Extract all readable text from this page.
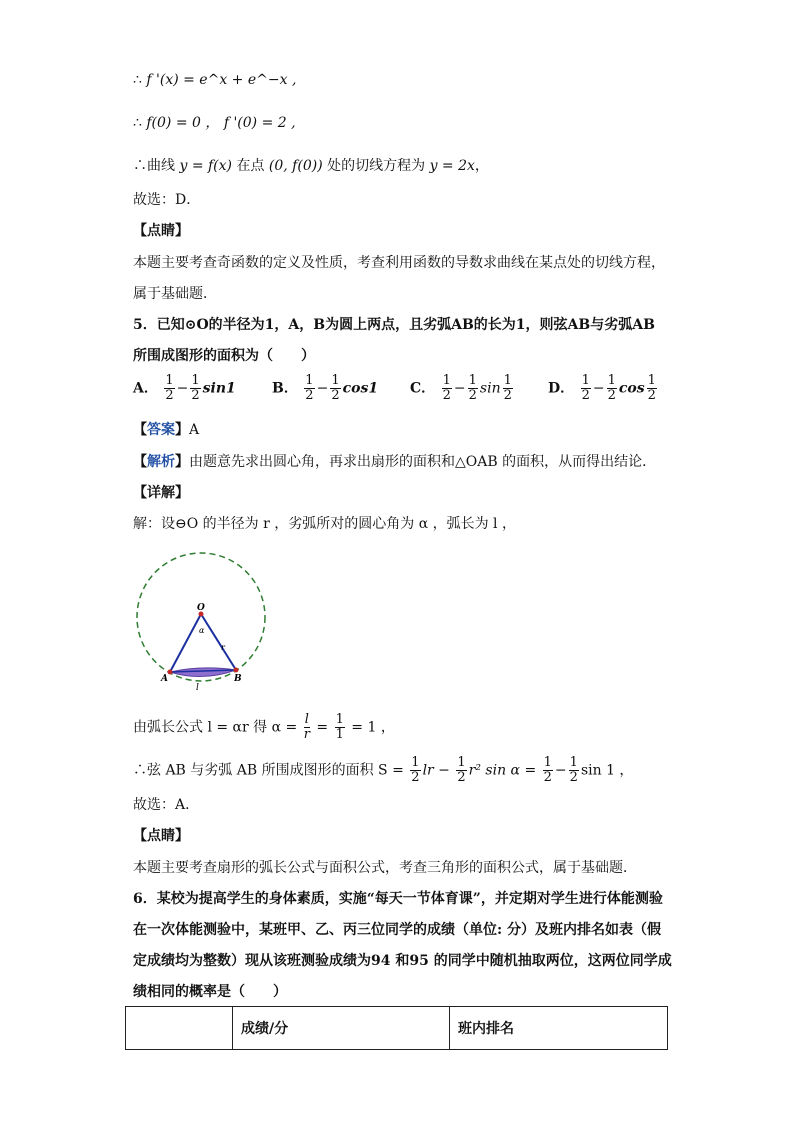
∴ f '(x) = e^x + e^−x ,
∴ f(0) = 0 ， f '(0) = 2 ,
∴曲线 y = f(x) 在点 (0, f(0)) 处的切线方程为 y = 2x，
故选：D．
【点睛】
本题主要考查奇函数的定义及性质，考查利用函数的导数求曲线在某点处的切线方程，
属于基础题．
5．已知⊙O的半径为1，A，B为圆上两点，且劣弧AB的长为1，则弦AB与劣弧AB
所围成图形的面积为（　　）
A． $\frac{1}{2} - \frac{1}{2} \sin 1$	B． $\frac{1}{2} - \frac{1}{2} \cos 1$ C． $\frac{1}{2} - \frac{1}{2}$ $\sin \frac{1}{2}$	D． $\frac{1}{2} - \frac{1}{2}$ $\cos \frac{1}{2}$
【答案】A
【解析】由题意先求出圆心角，再求出扇形的面积和△OAB 的面积，从而得出结论．
【详解】
解：设⊖O 的半径为 r ，劣弧所对的圆心角为 α ，弧长为 l ，
O
α
r
A	B
l
由弧长公式 l = αr 得 $\alpha = \frac{l}{r} = \frac{1}{1} = 1$ ，
∴弦 AB 与劣弧 AB 所围成图形的面积 $S = \frac{1}{2}$ lr − $\frac{1}{2} r^2$ $\sin \alpha = \frac{1}{2} - \frac{1}{2}$ sin 1 ，
故选：A．
【点睛】
本题主要考查扇形的弧长公式与面积公式，考查三角形的面积公式，属于基础题．
6．某校为提高学生的身体素质，实施“每天一节体育课”，并定期对学生进行体能测验
在一次体能测验中，某班甲、乙、丙三位同学的成绩（单位: 分）及班内排名如表（假
定成绩均为整数）现从该班测验成绩为94 和95 的同学中随机抽取两位，这两位同学成
绩相同的概率是（　　）
	成绩/分	班内排名
